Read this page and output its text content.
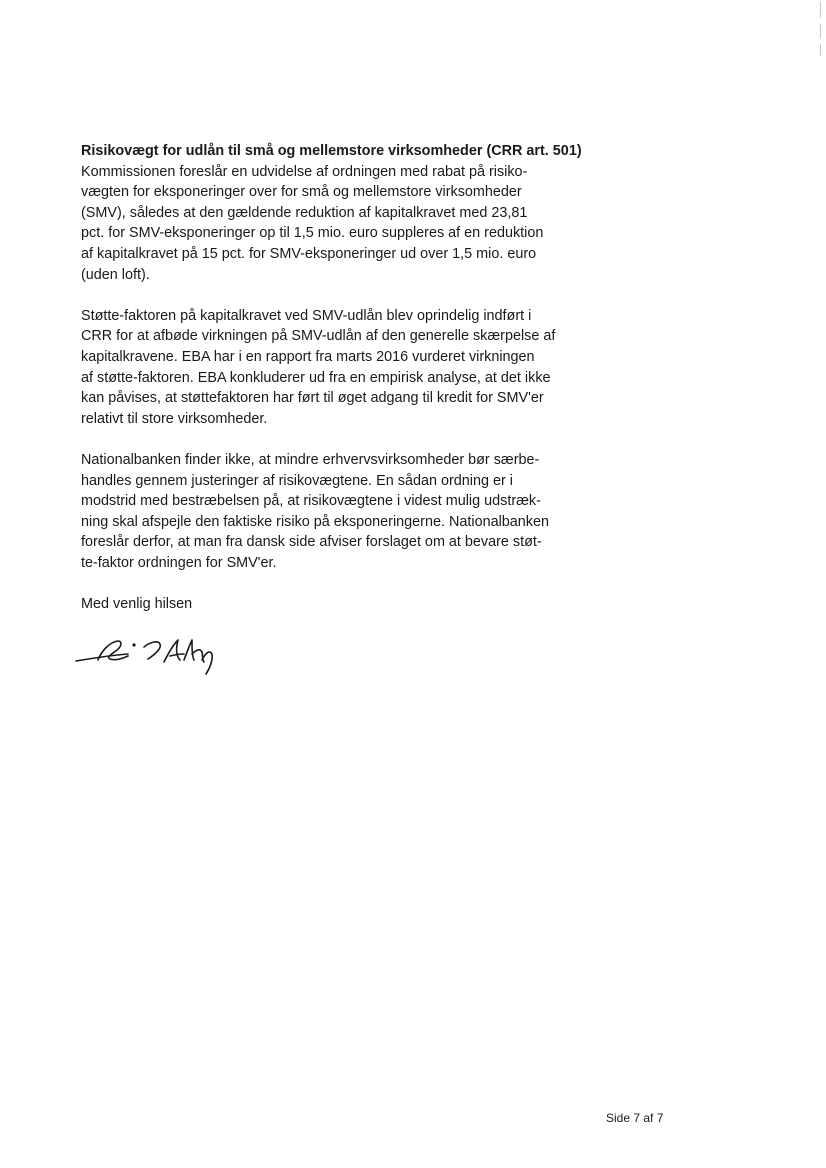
Risikovægt for udlån til små og mellemstore virksomheder (CRR art. 501)

Kommissionen foreslår en udvidelse af ordningen med rabat på risiko-
vægten for eksponeringer over for små og mellemstore virksomheder
(SMV), således at den gældende reduktion af kapitalkravet med 23,81
pct. for SMV-eksponeringer op til 1,5 mio. euro suppleres af en reduktion
af kapitalkravet på 15 pct. for SMV-eksponeringer ud over 1,5 mio. euro
(uden loft).

Støtte-faktoren på kapitalkravet ved SMV-udlån blev oprindelig indført i
CRR for at afbøde virkningen på SMV-udlån af den generelle skærpelse af
kapitalkravene. EBA har i en rapport fra marts 2016 vurderet virkningen
af støtte-faktoren. EBA konkluderer ud fra en empirisk analyse, at det ikke
kan påvises, at støttefaktoren har ført til øget adgang til kredit for SMV'er
relativt til store virksomheder.

Nationalbanken finder ikke, at mindre erhvervsvirksomheder bør særbe-
handles gennem justeringer af risikovægtene. En sådan ordning er i
modstrid med bestræbelsen på, at risikovægtene i videst mulig udstræk-
ning skal afspejle den faktiske risiko på eksponeringerne. Nationalbanken
foreslår derfor, at man fra dansk side afviser forslaget om at bevare støt-
te-faktor ordningen for SMV'er.

Med venlig hilsen

Side 7 af 7
